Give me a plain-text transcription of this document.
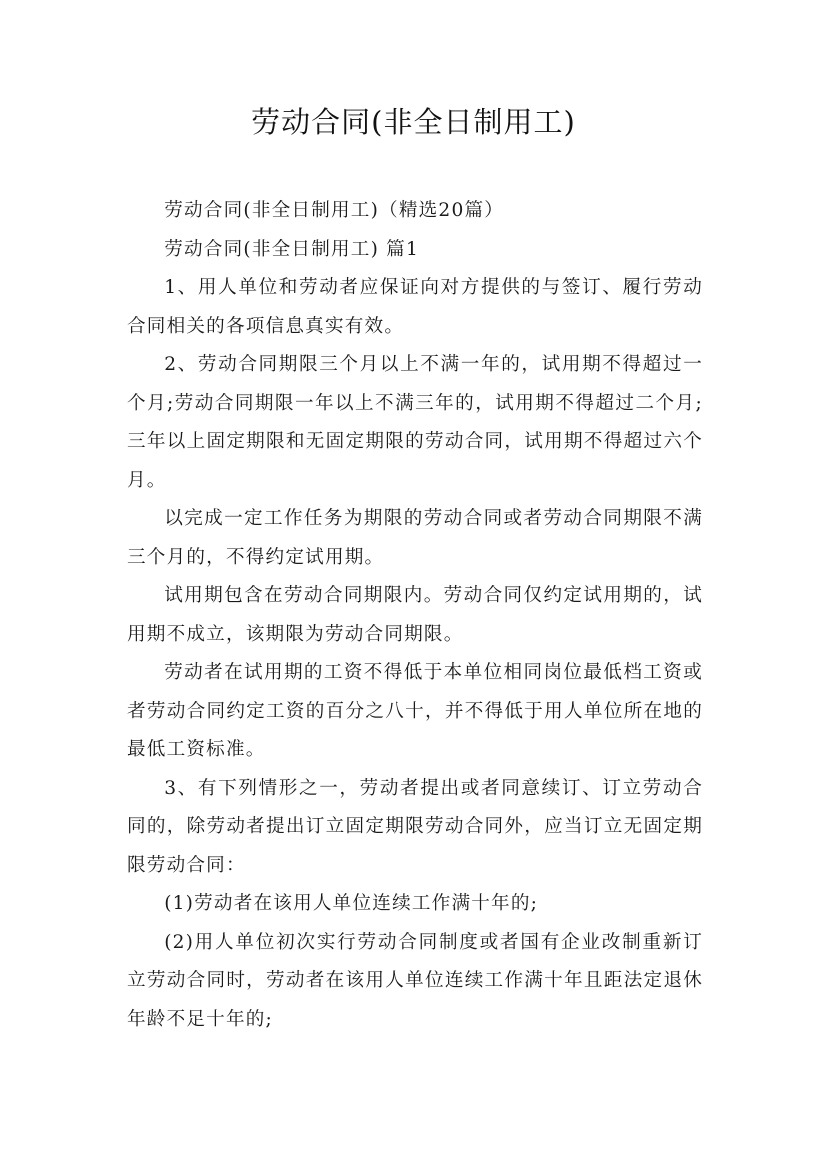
劳动合同(非全日制用工)

劳动合同(非全日制用工)（精选20篇）

劳动合同(非全日制用工) 篇1

1、用人单位和劳动者应保证向对方提供的与签订、履行劳动合同相关的各项信息真实有效。

2、劳动合同期限三个月以上不满一年的，试用期不得超过一个月;劳动合同期限一年以上不满三年的，试用期不得超过二个月;三年以上固定期限和无固定期限的劳动合同，试用期不得超过六个月。

以完成一定工作任务为期限的劳动合同或者劳动合同期限不满三个月的，不得约定试用期。

试用期包含在劳动合同期限内。劳动合同仅约定试用期的，试用期不成立，该期限为劳动合同期限。

劳动者在试用期的工资不得低于本单位相同岗位最低档工资或者劳动合同约定工资的百分之八十，并不得低于用人单位所在地的最低工资标准。

3、有下列情形之一，劳动者提出或者同意续订、订立劳动合同的，除劳动者提出订立固定期限劳动合同外，应当订立无固定期限劳动合同：

(1)劳动者在该用人单位连续工作满十年的;

(2)用人单位初次实行劳动合同制度或者国有企业改制重新订立劳动合同时，劳动者在该用人单位连续工作满十年且距法定退休年龄不足十年的;
